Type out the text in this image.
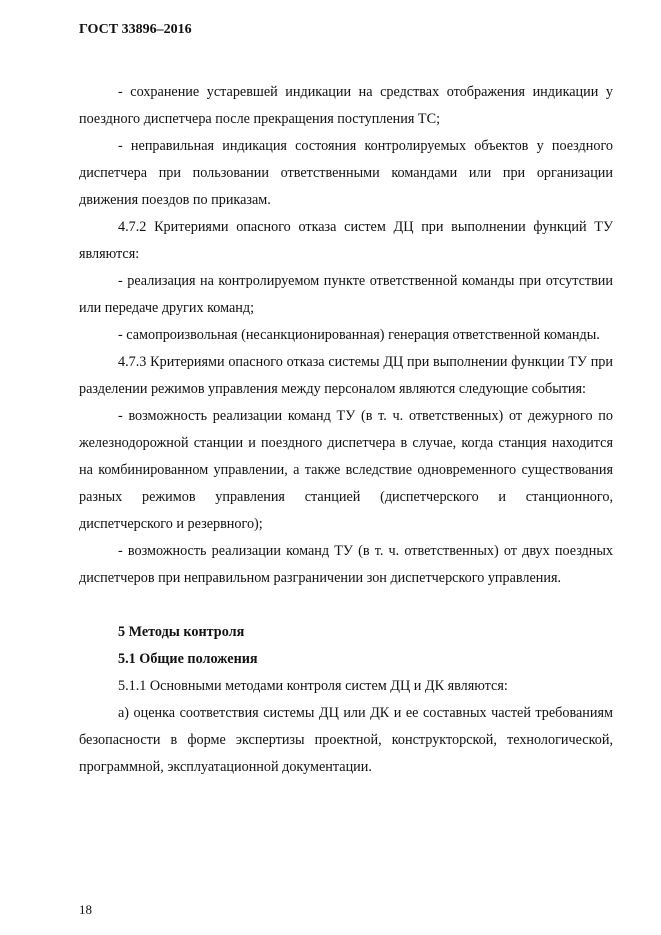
ГОСТ 33896–2016

- сохранение устаревшей индикации на средствах отображения индикации у поездного диспетчера после прекращения поступления ТС;

- неправильная индикация состояния контролируемых объектов у поездного диспетчера при пользовании ответственными командами или при организации движения поездов по приказам.

4.7.2 Критериями опасного отказа систем ДЦ при выполнении функций ТУ являются:

- реализация на контролируемом пункте ответственной команды при отсутствии или передаче других команд;

- самопроизвольная (несанкционированная) генерация ответственной команды.

4.7.3 Критериями опасного отказа системы ДЦ при выполнении функции ТУ при разделении режимов управления между персоналом являются следующие события:

- возможность реализации команд ТУ (в т. ч. ответственных) от дежурного по железнодорожной станции и поездного диспетчера в случае, когда станция находится на комбинированном управлении, а также вследствие одновременного существования разных режимов управления станцией (диспетчерского и станционного, диспетчерского и резервного);

- возможность реализации команд ТУ (в т. ч. ответственных) от двух поездных диспетчеров при неправильном разграничении зон диспетчерского управления.

5 Методы контроля

5.1 Общие положения

5.1.1 Основными методами контроля систем ДЦ и ДК являются:

а) оценка соответствия системы ДЦ или ДК и ее составных частей требованиям безопасности в форме экспертизы проектной, конструкторской, технологической, программной, эксплуатационной документации.

18
